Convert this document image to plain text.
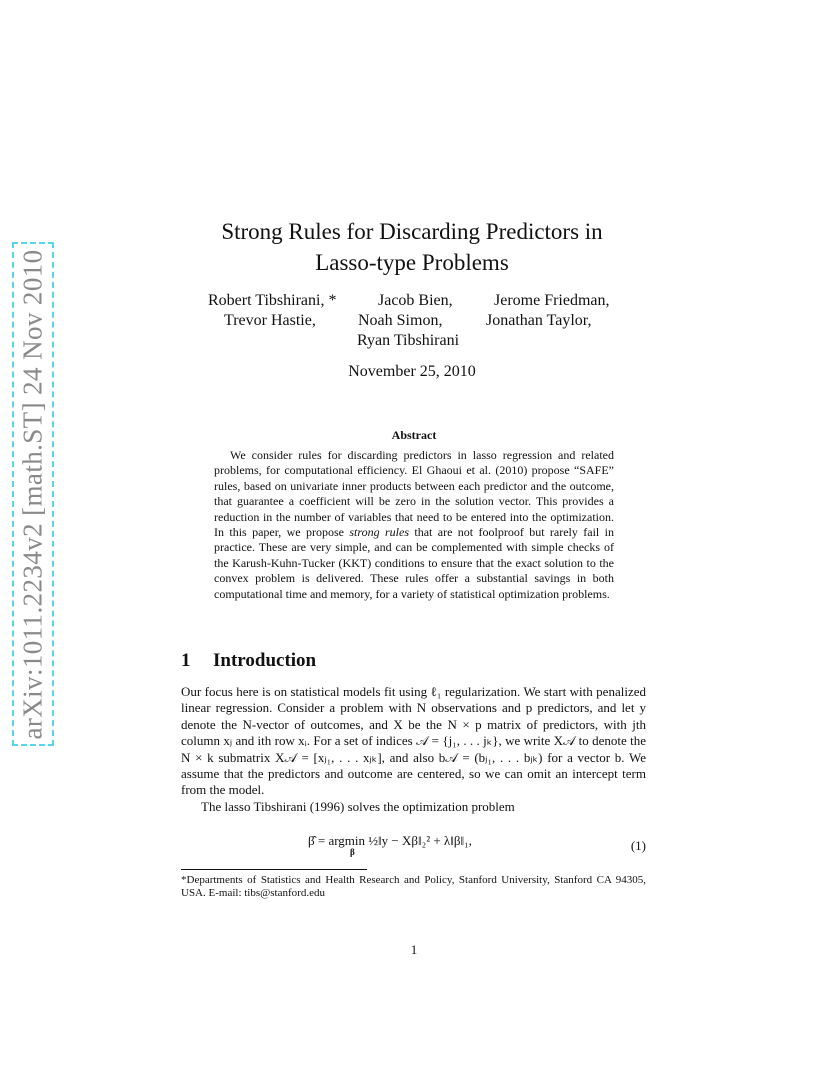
arXiv:1011.2234v2 [math.ST] 24 Nov 2010
Strong Rules for Discarding Predictors in
Lasso-type Problems
Robert Tibshirani, *	Jacob Bien,	Jerome Friedman,
Trevor Hastie,	Noah Simon,	Jonathan Taylor,
Ryan Tibshirani
November 25, 2010
Abstract

We consider rules for discarding predictors in lasso regression and related problems, for computational efficiency. El Ghaoui et al. (2010) propose “SAFE” rules, based on univariate inner products between each predictor and the outcome, that guarantee a coefficient will be zero in the solution vector. This provides a reduction in the number of variables that need to be entered into the optimization. In this paper, we propose strong rules that are not foolproof but rarely fail in practice. These are very simple, and can be complemented with simple checks of the Karush-Kuhn-Tucker (KKT) conditions to ensure that the exact solution to the convex problem is delivered. These rules offer a substantial savings in both computational time and memory, for a variety of statistical optimization problems.

1 Introduction

Our focus here is on statistical models fit using ℓ₁ regularization. We start with penalized linear regression. Consider a problem with N observations and p predictors, and let y denote the N-vector of outcomes, and X be the N × p matrix of predictors, with jth column xⱼ and ith row xᵢ. For a set of indices 𝒜 = {j₁, . . . jₖ}, we write X𝒜 to denote the N × k submatrix X𝒜 = [xⱼ₁, . . . xⱼₖ], and also b𝒜 = (bⱼ₁, . . . bⱼₖ) for a vector b. We assume that the predictors and outcome are centered, so we can omit an intercept term from the model.

The lasso Tibshirani (1996) solves the optimization problem

β̂ = argmin ½‖y − Xβ‖₂² + λ‖β‖₁,
β	(1)
*Departments of Statistics and Health Research and Policy, Stanford University, Stanford CA 94305, USA. E-mail: tibs@stanford.edu
1
